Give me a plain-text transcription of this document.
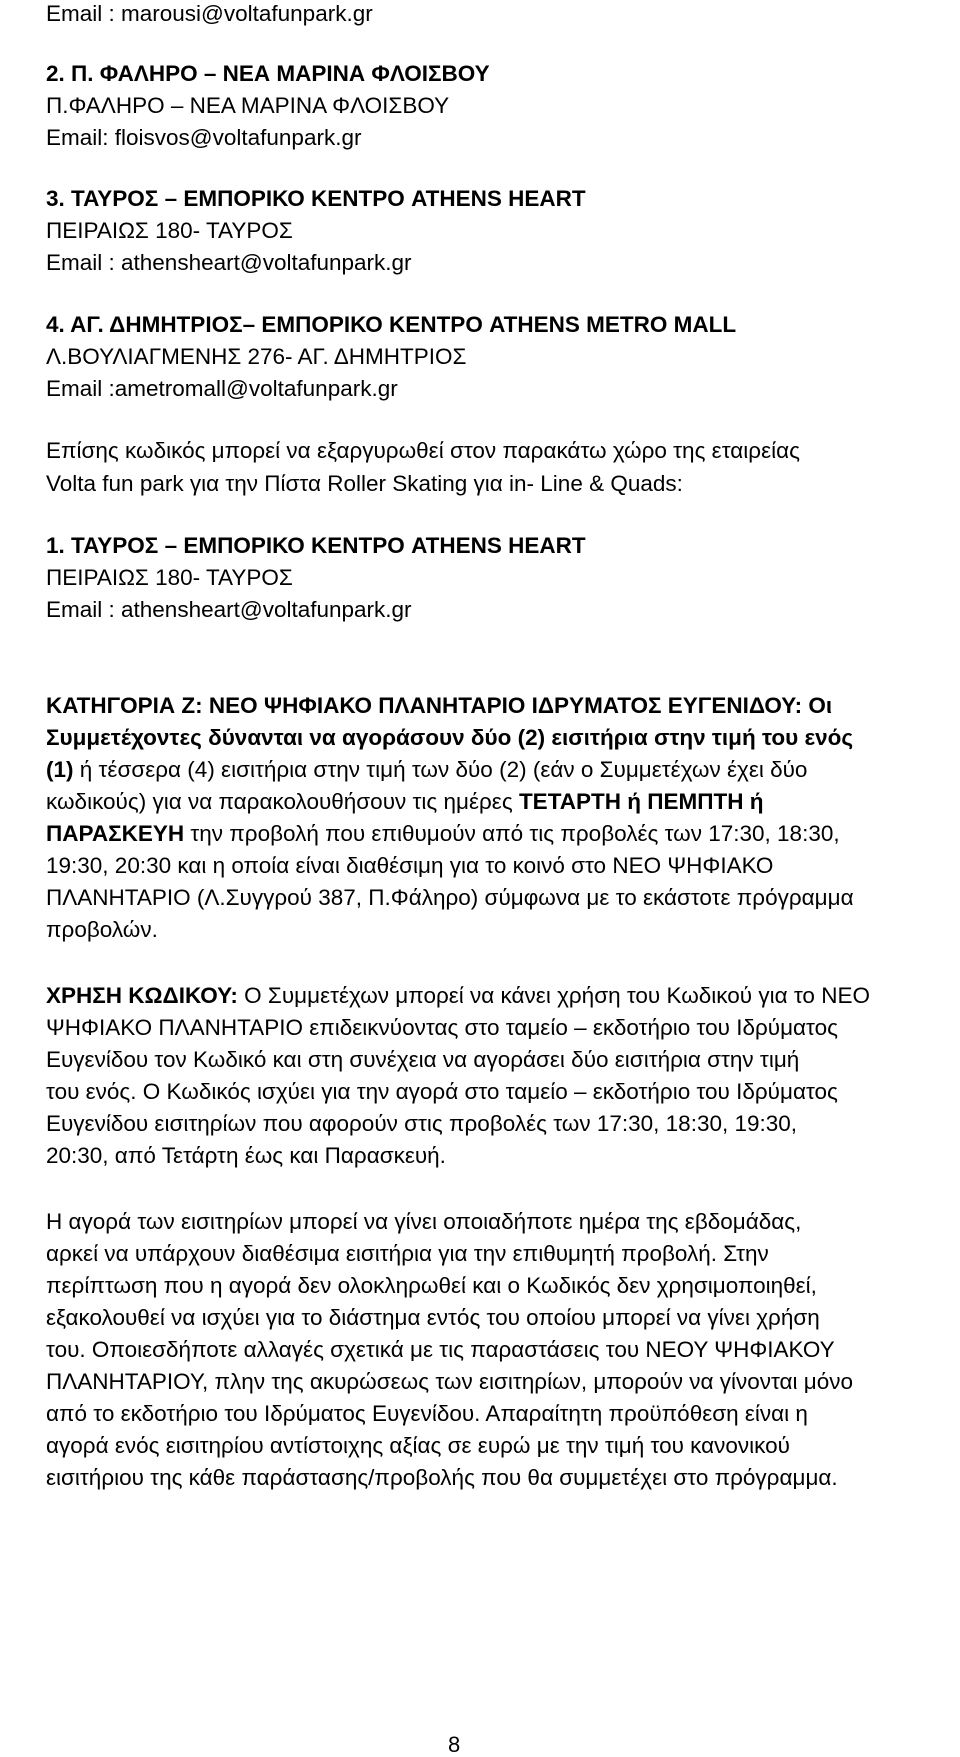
Email : marousi@voltafunpark.gr
2. Π. ΦΑΛΗΡΟ – ΝΕΑ ΜΑΡΙΝΑ ΦΛΟΙΣΒΟΥ
Π.ΦΑΛΗΡΟ – ΝΕΑ ΜΑΡΙΝΑ ΦΛΟΙΣΒΟΥ
Email: floisvos@voltafunpark.gr
3. ΤΑΥΡΟΣ – ΕΜΠΟΡΙΚΟ ΚΕΝΤΡΟ ATHENS HEART
ΠΕΙΡΑΙΩΣ 180- ΤΑΥΡΟΣ
Email : athensheart@voltafunpark.gr
4. ΑΓ. ΔΗΜΗΤΡΙΟΣ– ΕΜΠΟΡΙΚΟ ΚΕΝΤΡΟ ATHENS METRO MALL
Λ.ΒΟΥΛΙΑΓΜΕΝΗΣ 276- ΑΓ. ΔΗΜΗΤΡΙΟΣ
Email :ametromall@voltafunpark.gr
Επίσης κωδικός μπορεί να εξαργυρωθεί στον παρακάτω χώρο της εταιρείας
Volta fun park για την Πίστα Roller Skating για in- Line & Quads:
1. ΤΑΥΡΟΣ – ΕΜΠΟΡΙΚΟ ΚΕΝΤΡΟ ATHENS HEART
ΠΕΙΡΑΙΩΣ 180- ΤΑΥΡΟΣ
Email : athensheart@voltafunpark.gr
ΚΑΤΗΓΟΡΙΑ Ζ: ΝΕΟ ΨΗΦΙΑΚΟ ΠΛΑΝΗΤΑΡΙΟ ΙΔΡΥΜΑΤΟΣ ΕΥΓΕΝΙΔΟΥ: Οι
Συμμετέχοντες δύνανται να αγοράσουν δύο (2) εισιτήρια στην τιμή του ενός
(1) ή τέσσερα (4) εισιτήρια στην τιμή των δύο (2) (εάν ο Συμμετέχων έχει δύο
κωδικούς) για να παρακολουθήσουν τις ημέρες ΤΕΤΑΡΤΗ ή ΠΕΜΠΤΗ ή
ΠΑΡΑΣΚΕΥΗ την προβολή που επιθυμούν από τις προβολές των 17:30, 18:30,
19:30, 20:30 και η οποία είναι διαθέσιμη για το κοινό στο ΝΕΟ ΨΗΦΙΑΚΟ
ΠΛΑΝΗΤΑΡΙΟ (Λ.Συγγρού 387, Π.Φάληρο) σύμφωνα με το εκάστοτε πρόγραμμα
προβολών.
ΧΡΗΣΗ ΚΩΔΙΚΟΥ: Ο Συμμετέχων μπορεί να κάνει χρήση του Κωδικού για το ΝΕΟ
ΨΗΦΙΑΚΟ ΠΛΑΝΗΤΑΡΙΟ επιδεικνύοντας στο ταμείο – εκδοτήριο του Ιδρύματος
Ευγενίδου τον Κωδικό και στη συνέχεια να αγοράσει δύο εισιτήρια στην τιμή
του ενός. Ο Κωδικός ισχύει για την αγορά στο ταμείο – εκδοτήριο του Ιδρύματος
Ευγενίδου εισιτηρίων που αφορούν στις προβολές των 17:30, 18:30, 19:30,
20:30, από Τετάρτη έως και Παρασκευή.
Η αγορά των εισιτηρίων μπορεί να γίνει οποιαδήποτε ημέρα της εβδομάδας,
αρκεί να υπάρχουν διαθέσιμα εισιτήρια για την επιθυμητή προβολή. Στην
περίπτωση που η αγορά δεν ολοκληρωθεί και ο Κωδικός δεν χρησιμοποιηθεί,
εξακολουθεί να ισχύει για το διάστημα εντός του οποίου μπορεί να γίνει χρήση
του. Οποιεσδήποτε αλλαγές σχετικά με τις παραστάσεις του ΝΕΟΥ ΨΗΦΙΑΚΟΥ
ΠΛΑΝΗΤΑΡΙΟΥ, πλην της ακυρώσεως των εισιτηρίων, μπορούν να γίνονται μόνο
από το εκδοτήριο του Ιδρύματος Ευγενίδου. Απαραίτητη προϋπόθεση είναι η
αγορά ενός εισιτηρίου αντίστοιχης αξίας σε ευρώ με την τιμή του κανονικού
εισιτήριου της κάθε παράστασης/προβολής που θα συμμετέχει στο πρόγραμμα.
8
